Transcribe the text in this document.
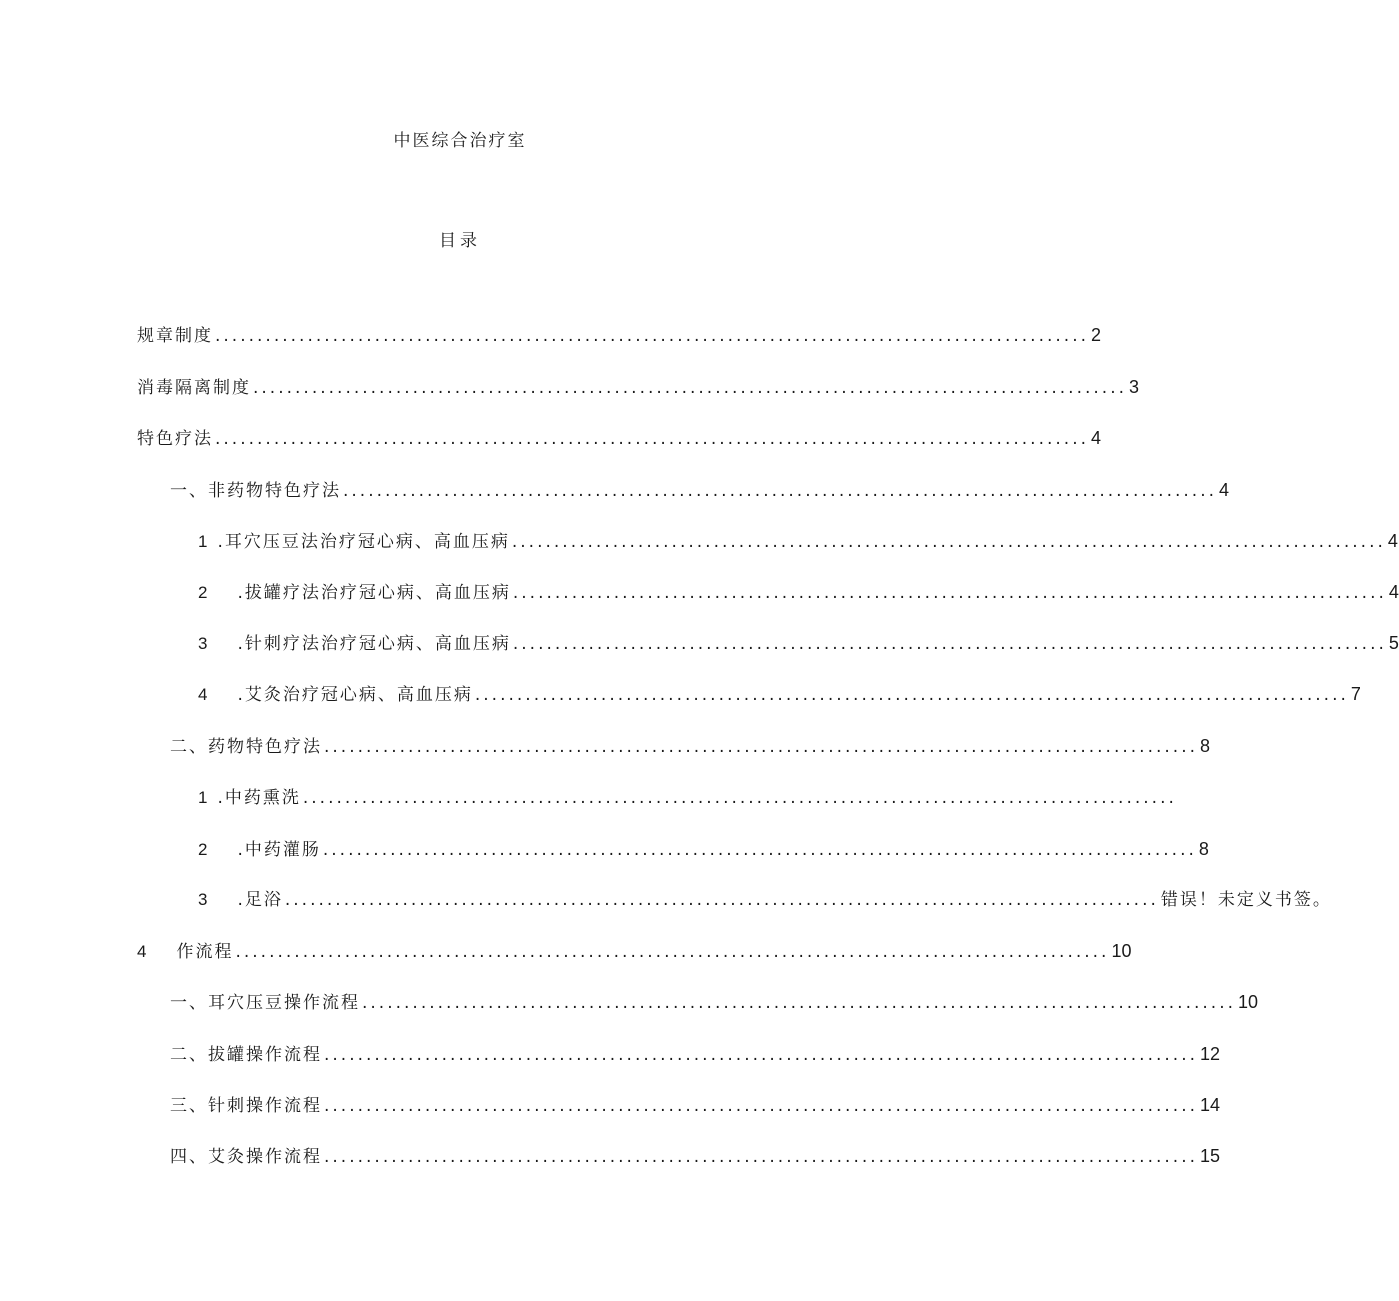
中医综合治疗室
目录
规章制度 ........................................................................................................ 2
消毒隔离制度 ........................................................................................................ 3
特色疗法 ........................................................................................................ 4
一、非药物特色疗法 ........................................................................................................ 4
1 .耳穴压豆法治疗冠心病、高血压病 ........................................................................................................ 4
2 .拔罐疗法治疗冠心病、高血压病 ........................................................................................................ 4
3 .针刺疗法治疗冠心病、高血压病 ........................................................................................................ 5
4 .艾灸治疗冠心病、高血压病 ........................................................................................................ 7
二、药物特色疗法 ........................................................................................................ 8
1 .中药熏洗 ........................................................................................................
2 .中药灌肠 ........................................................................................................ 8
3 .足浴 ........................................................................................................ 错误！未定义书签。
4 作流程 ........................................................................................................ 10
一、耳穴压豆操作流程 ........................................................................................................ 10
二、拔罐操作流程 ........................................................................................................ 12
三、针刺操作流程 ........................................................................................................ 14
四、艾灸操作流程 ........................................................................................................ 15
